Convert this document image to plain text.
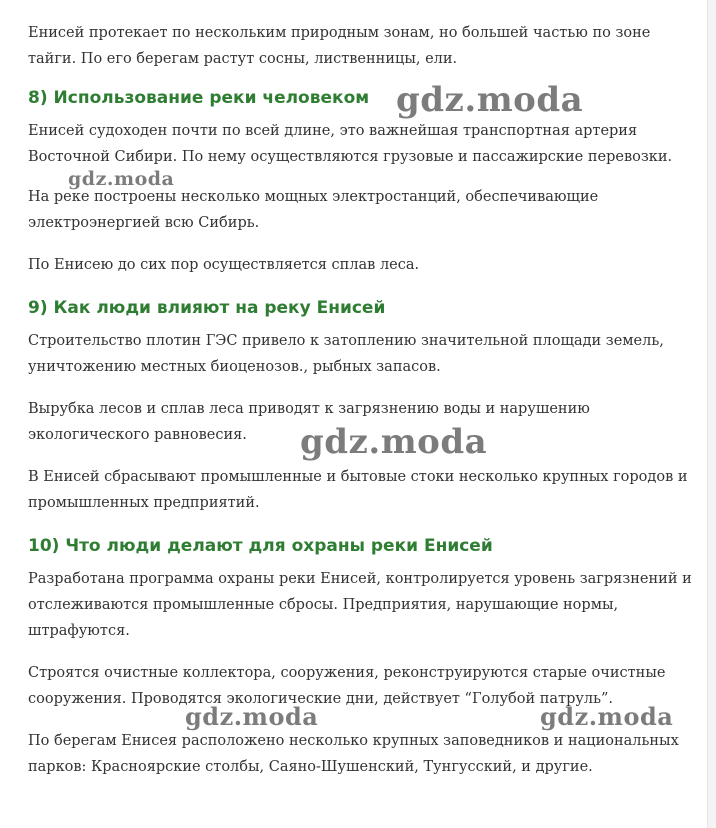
Енисей протекает по нескольким природным зонам, но большей частью по зоне тайги. По его берегам растут сосны, лиственницы, ели.

8) Использование реки человеком

Енисей судоходен почти по всей длине, это важнейшая транспортная артерия Восточной Сибири. По нему осуществляются грузовые и пассажирские перевозки.

На реке построены несколько мощных электростанций, обеспечивающие электроэнергией всю Сибирь.

По Енисею до сих пор осуществляется сплав леса.

9) Как люди влияют на реку Енисей

Строительство плотин ГЭС привело к затоплению значительной площади земель, уничтожению местных биоценозов., рыбных запасов.

Вырубка лесов и сплав леса приводят к загрязнению воды и нарушению экологического равновесия.

В Енисей сбрасывают промышленные и бытовые стоки несколько крупных городов и промышленных предприятий.

10) Что люди делают для охраны реки Енисей

Разработана программа охраны реки Енисей, контролируется уровень загрязнений и отслеживаются промышленные сбросы. Предприятия, нарушающие нормы, штрафуются.

Строятся очистные коллектора, сооружения, реконструируются старые очистные сооружения. Проводятся экологические дни, действует “Голубой патруль”.

По берегам Енисея расположено несколько крупных заповедников и национальных парков: Красноярские столбы, Саяно-Шушенский, Тунгусский, и другие.

gdz.moda
gdz.moda
gdz.moda
gdz.moda	gdz.moda
